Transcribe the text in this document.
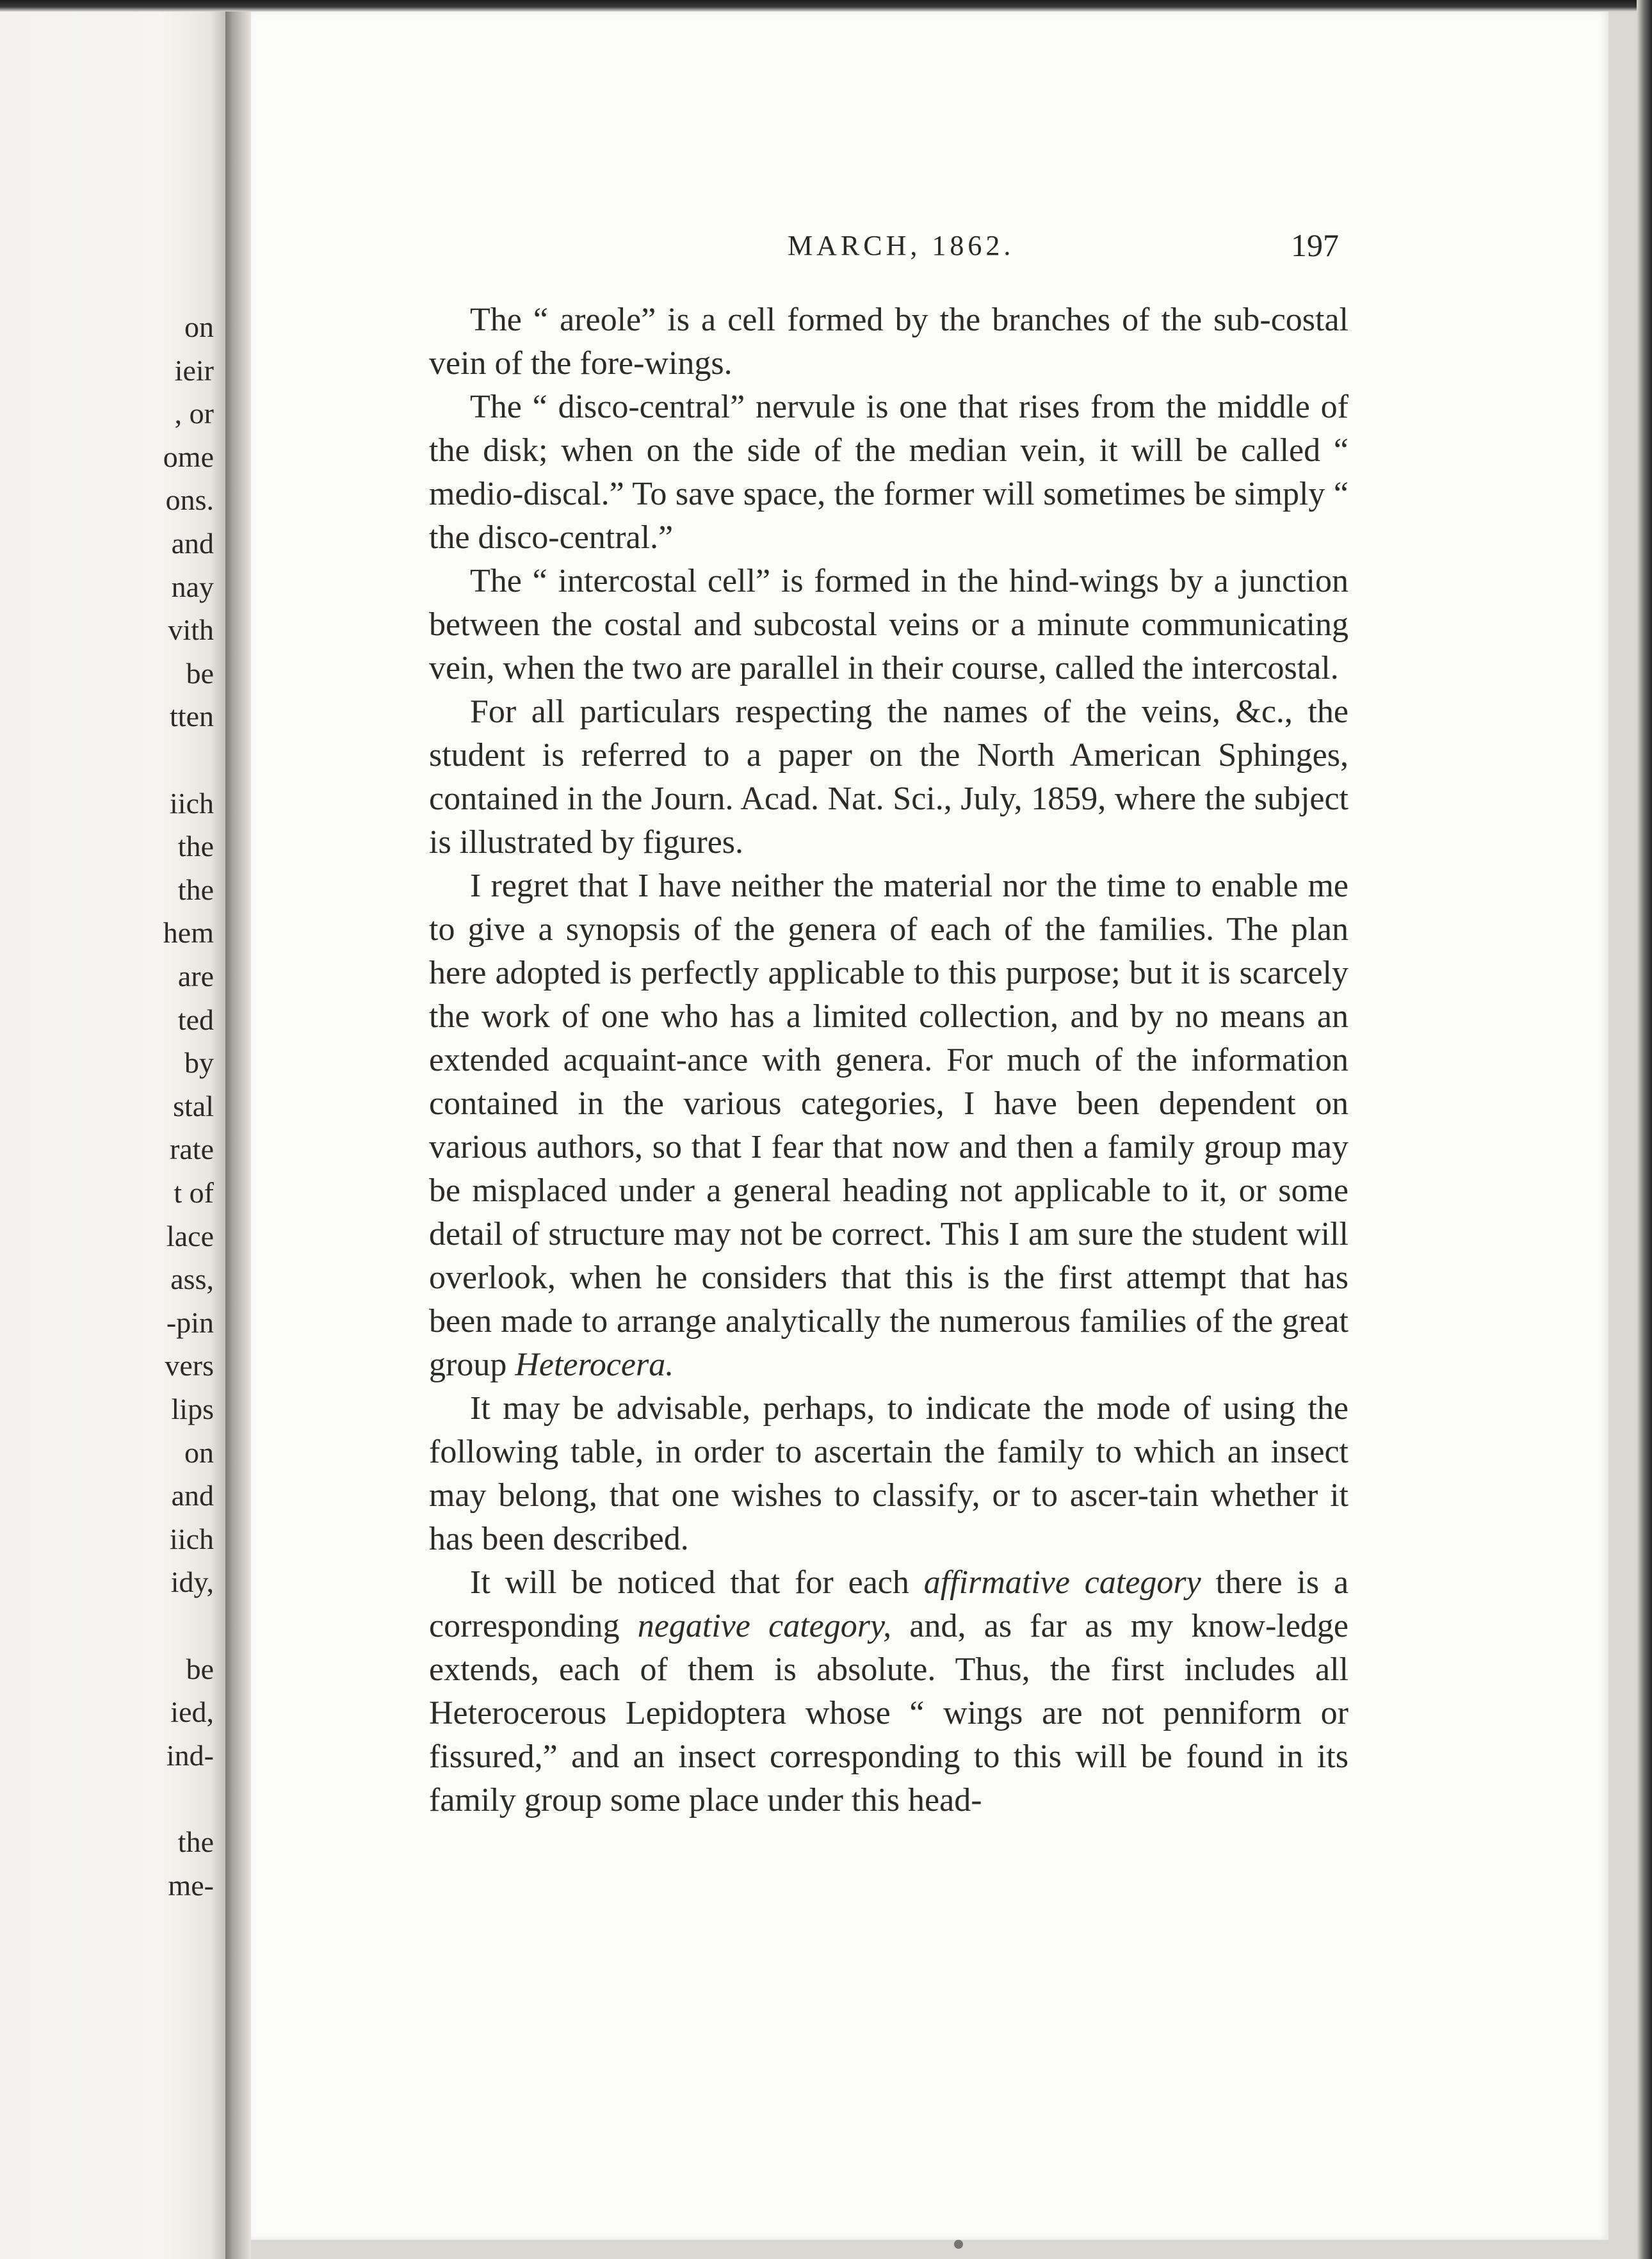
on
ieir
, or
ome
ons.
and
nay
vith
be
tten
iich
the
the
hem
are
ted
by
stal
rate
t of
lace
ass,
-pin
vers
lips
on
and
iich
idy,
be
ied,
ind-
the
me-
MARCH, 1862.	197

The “ areole” is a cell formed by the branches of the sub-costal vein of the fore-wings.

The “ disco-central” nervule is one that rises from the middle of the disk; when on the side of the median vein, it will be called “ medio-discal.” To save space, the former will sometimes be simply “ the disco-central.”

The “ intercostal cell” is formed in the hind-wings by a junction between the costal and subcostal veins or a minute communicating vein, when the two are parallel in their course, called the intercostal.

For all particulars respecting the names of the veins, &c., the student is referred to a paper on the North American Sphinges, contained in the Journ. Acad. Nat. Sci., July, 1859, where the subject is illustrated by figures.

I regret that I have neither the material nor the time to enable me to give a synopsis of the genera of each of the families. The plan here adopted is perfectly applicable to this purpose; but it is scarcely the work of one who has a limited collection, and by no means an extended acquaint-ance with genera. For much of the information contained in the various categories, I have been dependent on various authors, so that I fear that now and then a family group may be misplaced under a general heading not applicable to it, or some detail of structure may not be correct. This I am sure the student will overlook, when he considers that this is the first attempt that has been made to arrange analytically the numerous families of the great group Heterocera.

It may be advisable, perhaps, to indicate the mode of using the following table, in order to ascertain the family to which an insect may belong, that one wishes to classify, or to ascer-tain whether it has been described.

It will be noticed that for each affirmative category there is a corresponding negative category, and, as far as my know-ledge extends, each of them is absolute. Thus, the first includes all Heterocerous Lepidoptera whose “ wings are not penniform or fissured,” and an insect corresponding to this will be found in its family group some place under this head-
